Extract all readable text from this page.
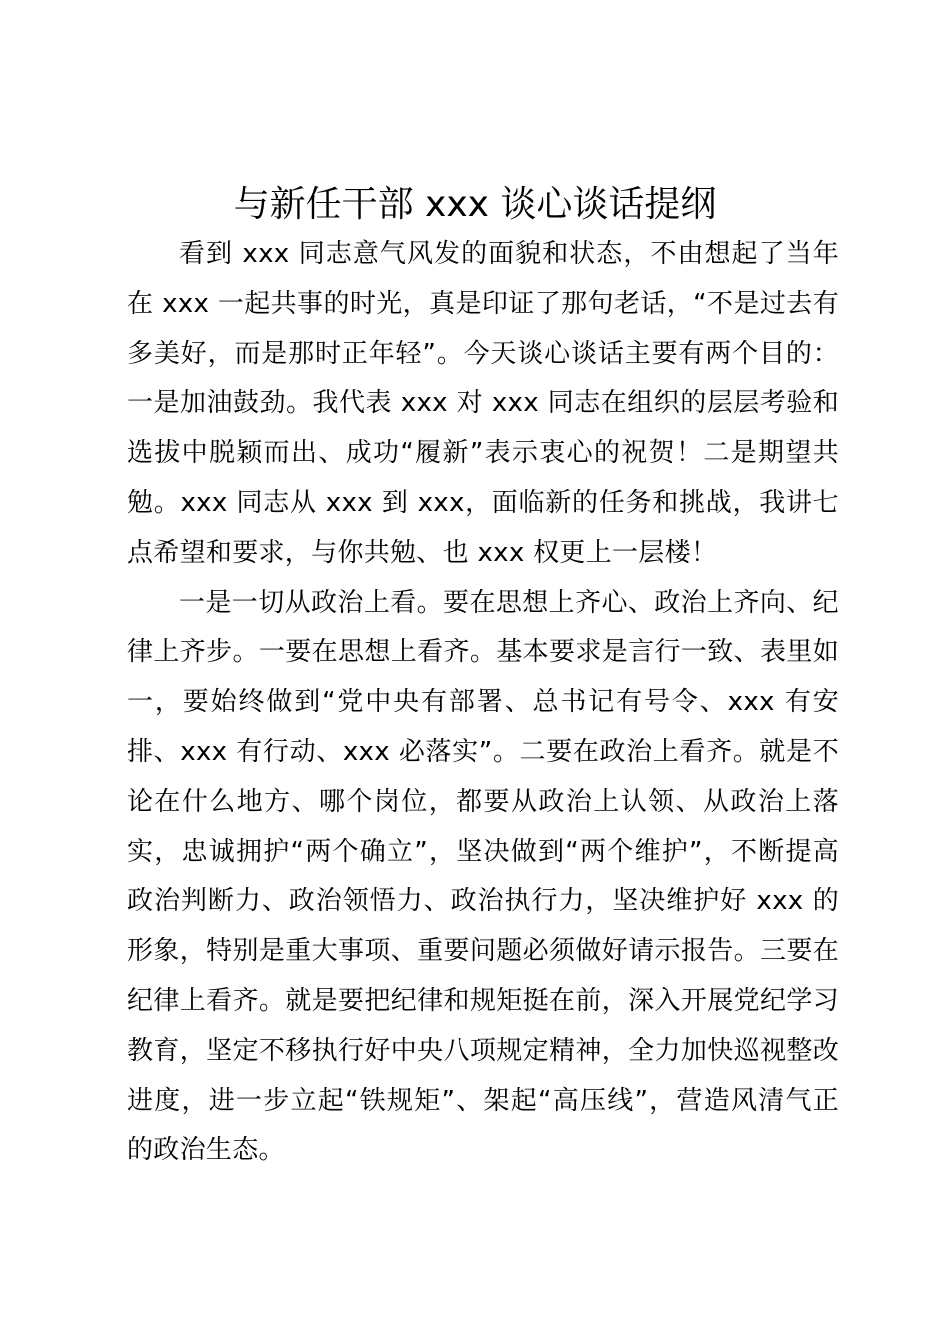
与新任干部 xxx 谈心谈话提纲

看到 xxx 同志意气风发的面貌和状态，不由想起了当年在 xxx 一起共事的时光，真是印证了那句老话，“不是过去有多美好，而是那时正年轻”。今天谈心谈话主要有两个目的：一是加油鼓劲。我代表 xxx 对 xxx 同志在组织的层层考验和选拔中脱颖而出、成功“履新”表示衷心的祝贺！二是期望共勉。xxx 同志从 xxx 到 xxx，面临新的任务和挑战，我讲七点希望和要求，与你共勉、也 xxx 权更上一层楼！

一是一切从政治上看。要在思想上齐心、政治上齐向、纪律上齐步。一要在思想上看齐。基本要求是言行一致、表里如一，要始终做到“党中央有部署、总书记有号令、xxx 有安排、xxx 有行动、xxx 必落实”。二要在政治上看齐。就是不论在什么地方、哪个岗位，都要从政治上认领、从政治上落实，忠诚拥护“两个确立”，坚决做到“两个维护”，不断提高政治判断力、政治领悟力、政治执行力，坚决维护好 xxx 的形象，特别是重大事项、重要问题必须做好请示报告。三要在纪律上看齐。就是要把纪律和规矩挺在前，深入开展党纪学习教育，坚定不移执行好中央八项规定精神，全力加快巡视整改进度，进一步立起“铁规矩”、架起“高压线”，营造风清气正的政治生态。
